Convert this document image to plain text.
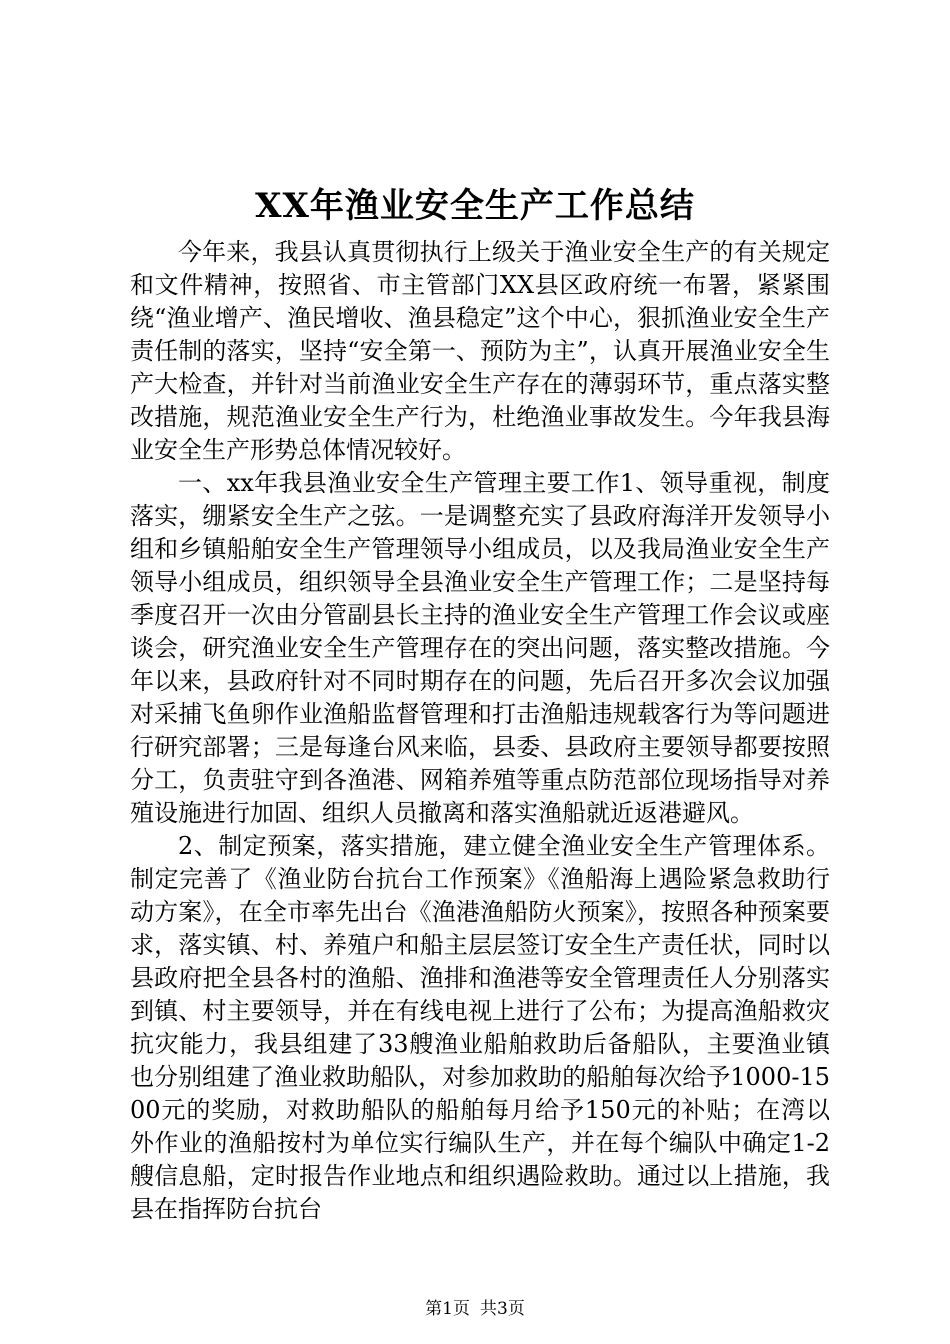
XX年渔业安全生产工作总结

今年来，我县认真贯彻执行上级关于渔业安全生产的有关规定和文件精神，按照省、市主管部门XX县区政府统一布署，紧紧围绕“渔业增产、渔民增收、渔县稳定”这个中心，狠抓渔业安全生产责任制的落实，坚持“安全第一、预防为主”，认真开展渔业安全生产大检查，并针对当前渔业安全生产存在的薄弱环节，重点落实整改措施，规范渔业安全生产行为，杜绝渔业事故发生。今年我县海业安全生产形势总体情况较好。

一、xx年我县渔业安全生产管理主要工作1、领导重视，制度落实，绷紧安全生产之弦。一是调整充实了县政府海洋开发领导小组和乡镇船舶安全生产管理领导小组成员，以及我局渔业安全生产领导小组成员，组织领导全县渔业安全生产管理工作；二是坚持每季度召开一次由分管副县长主持的渔业安全生产管理工作会议或座谈会，研究渔业安全生产管理存在的突出问题，落实整改措施。今年以来，县政府针对不同时期存在的问题，先后召开多次会议加强对采捕飞鱼卵作业渔船监督管理和打击渔船违规载客行为等问题进行研究部署；三是每逢台风来临，县委、县政府主要领导都要按照分工，负责驻守到各渔港、网箱养殖等重点防范部位现场指导对养殖设施进行加固、组织人员撤离和落实渔船就近返港避风。

2、制定预案，落实措施，建立健全渔业安全生产管理体系。制定完善了《渔业防台抗台工作预案》《渔船海上遇险紧急救助行动方案》，在全市率先出台《渔港渔船防火预案》，按照各种预案要求，落实镇、村、养殖户和船主层层签订安全生产责任状，同时以县政府把全县各村的渔船、渔排和渔港等安全管理责任人分别落实到镇、村主要领导，并在有线电视上进行了公布；为提高渔船救灾抗灾能力，我县组建了33艘渔业船舶救助后备船队，主要渔业镇也分别组建了渔业救助船队，对参加救助的船舶每次给予1000-1500元的奖励，对救助船队的船舶每月给予150元的补贴；在湾以外作业的渔船按村为单位实行编队生产，并在每个编队中确定1-2艘信息船，定时报告作业地点和组织遇险救助。通过以上措施，我县在指挥防台抗台

第1页 共3页
